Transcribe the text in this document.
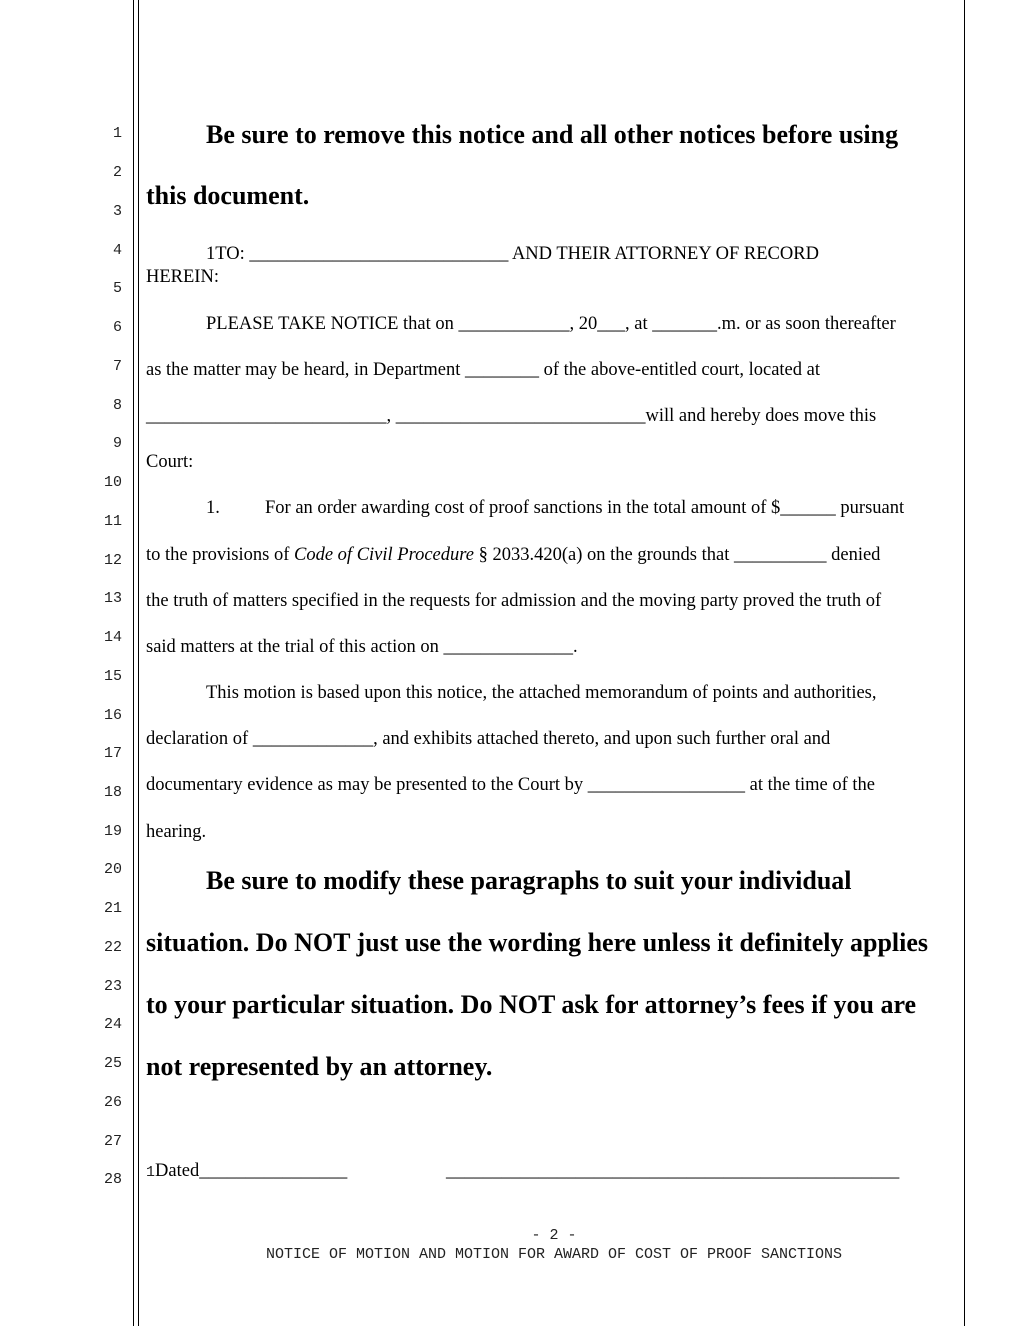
1
2
3
4
5
6
7
8
9
10
11
12
13
14
15
16
17
18
19
20
21
22
23
24
25
26
27
28
Be sure to remove this notice and all other notices before using
this document.
1TO: ____________________________ AND THEIR ATTORNEY OF RECORD
HEREIN:
PLEASE TAKE NOTICE that on ____________, 20___, at _______.m. or as soon thereafter
as the matter may be heard, in Department ________ of the above-entitled court, located at
__________________________, ___________________________will and hereby does move this
Court:
1. For an order awarding cost of proof sanctions in the total amount of $______ pursuant
to the provisions of Code of Civil Procedure § 2033.420(a) on the grounds that __________ denied
the truth of matters specified in the requests for admission and the moving party proved the truth of
said matters at the trial of this action on ______________.
This motion is based upon this notice, the attached memorandum of points and authorities,
declaration of _____________, and exhibits attached thereto, and upon such further oral and
documentary evidence as may be presented to the Court by _________________ at the time of the
hearing.
Be sure to modify these paragraphs to suit your individual
situation. Do NOT just use the wording here unless it definitely applies
to your particular situation. Do NOT ask for attorney’s fees if you are
not represented by an attorney.
1Dated________________	_________________________________________________
- 2 -
NOTICE OF MOTION AND MOTION FOR AWARD OF COST OF PROOF SANCTIONS
